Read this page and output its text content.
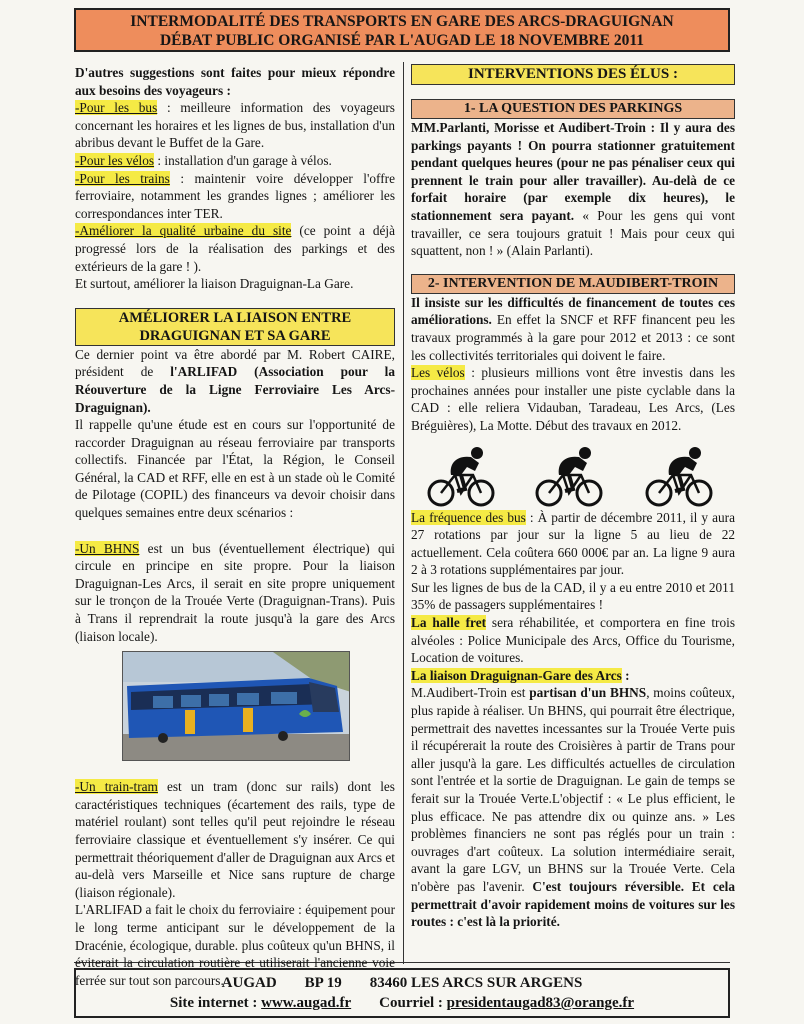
INTERMODALITÉ DES TRANSPORTS EN GARE DES ARCS-DRAGUIGNAN
DÉBAT PUBLIC ORGANISÉ PAR L'AUGAD LE 18 NOVEMBRE 2011

D'autres suggestions sont faites pour mieux répondre aux besoins des voyageurs :

-Pour les bus : meilleure information des voyageurs concernant les horaires et les lignes de bus, installation d'un abribus devant le Buffet de la Gare.

-Pour les vélos : installation d'un garage à vélos.

-Pour les trains : maintenir voire développer l'offre ferroviaire, notamment les grandes lignes ; améliorer les correspondances inter TER.

-Améliorer la qualité urbaine du site (ce point a déjà progressé lors de la réalisation des parkings et des extérieurs de la gare ! ).

Et surtout, améliorer la liaison Draguignan-La Gare.

AMÉLIORER LA LIAISON ENTRE
DRAGUIGNAN ET SA GARE

Ce dernier point va être abordé par M. Robert CAIRE, président de l'ARLIFAD (Association pour la Réouverture de la Ligne Ferroviaire Les Arcs-Draguignan).

Il rappelle qu'une étude est en cours sur l'opportunité de raccorder Draguignan au réseau ferroviaire par transports collectifs. Financée par l'État, la Région, le Conseil Général, la CAD et RFF, elle en est à un stade où le Comité de Pilotage (COPIL) des financeurs va devoir choisir dans quelques semaines entre deux scénarios :

-Un BHNS est un bus (éventuellement électrique) qui circule en principe en site propre. Pour la liaison Draguignan-Les Arcs, il serait en site propre uniquement sur le tronçon de la Trouée Verte (Draguignan-Trans). Puis à Trans il reprendrait la route jusqu'à la gare des Arcs (liaison locale).

-Un train-tram est un tram (donc sur rails) dont les caractéristiques techniques (écartement des rails, type de matériel roulant) sont telles qu'il peut rejoindre le réseau ferroviaire classique et éventuellement s'y insérer. Ce qui permettrait théoriquement d'aller de Draguignan aux Arcs et au-delà vers Marseille et Nice sans rupture de charge (liaison régionale).

L'ARLIFAD a fait le choix du ferroviaire : équipement pour le long terme anticipant sur le développement de la Dracénie, écologique, durable. plus coûteux qu'un BHNS, il éviterait la circulation routière et utiliserait l'ancienne voie ferrée sur tout son parcours.

INTERVENTIONS DES ÉLUS :
1- LA QUESTION DES PARKINGS

MM.Parlanti, Morisse et Audibert-Troin : Il y aura des parkings payants ! On pourra stationner gratuitement pendant quelques heures (pour ne pas pénaliser ceux qui prennent le train pour aller travailler). Au-delà de ce forfait horaire (par exemple dix heures), le stationnement sera payant. « Pour les gens qui vont travailler, ce sera toujours gratuit ! Mais pour ceux qui squattent, non ! » (Alain Parlanti).

2- INTERVENTION DE M.AUDIBERT-TROIN

Il insiste sur les difficultés de financement de toutes ces améliorations. En effet la SNCF et RFF financent peu les travaux programmés à la gare pour 2012 et 2013 : ce sont les collectivités territoriales qui doivent le faire.

Les vélos : plusieurs millions vont être investis dans les prochaines années pour installer une piste cyclable dans la CAD : elle reliera Vidauban, Taradeau, Les Arcs, (Les Bréguières), La Motte. Début des travaux en 2012.

La fréquence des bus : À partir de décembre 2011, il y aura 27 rotations par jour sur la ligne 5 au lieu de 22 actuellement. Cela coûtera 660 000€ par an. La ligne 9 aura 2 à 3 rotations supplémentaires par jour.

Sur les lignes de bus de la CAD, il y a eu entre 2010 et 2011 35% de passagers supplémentaires !

La halle fret sera réhabilitée, et comportera en fine trois alvéoles : Police Municipale des Arcs, Office du Tourisme, Location de voitures.

La liaison Draguignan-Gare des Arcs :

M.Audibert-Troin est partisan d'un BHNS, moins coûteux, plus rapide à réaliser. Un BHNS, qui pourrait être électrique, permettrait des navettes incessantes sur la Trouée Verte puis il récupérerait la route des Croisières à partir de Trans pour aller jusqu'à la gare. Les difficultés actuelles de circulation sont l'entrée et la sortie de Draguignan. Le gain de temps se ferait sur la Trouée Verte.L'objectif : « Le plus efficient, le plus efficace. Ne pas attendre dix ou quinze ans. » Les problèmes financiers ne sont pas réglés pour un train : ouvrages d'art coûteux. La solution intermédiaire serait, avant la gare LGV, un BHNS sur la Trouée Verte. Cela n'obère pas l'avenir. C'est toujours réversible. Et cela permettrait d'avoir rapidement moins de voitures sur les routes : c'est là la priorité.

AUGAD BP 19 83460 LES ARCS SUR ARGENS
Site internet : www.augad.fr Courriel : presidentaugad83@orange.fr
